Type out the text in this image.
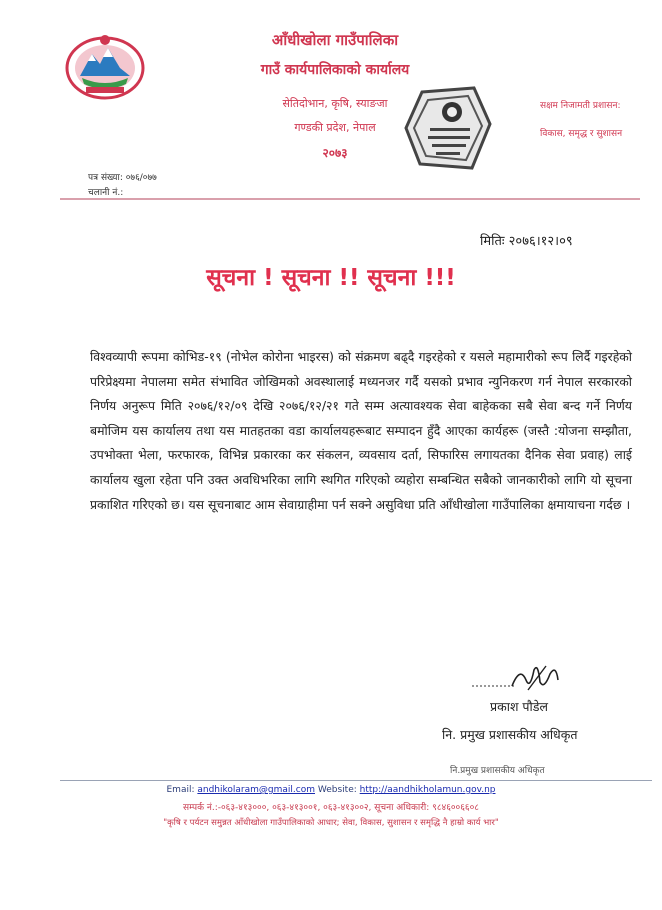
आँधीखोला गाउँपालिका
गाउँ कार्यपालिकाको कार्यालय
सेतिदोभान, कृषि, स्याङजा
गण्डकी प्रदेश, नेपाल
२०७३
सक्षम निजामती प्रशासन:
विकास, समृद्ध र सुशासन
पत्र संख्या: ०७६/०७७
चलानी नं.:
मितिः २०७६।१२।०९
सूचना ! सूचना !! सूचना !!!
विश्वव्यापी रूपमा कोभिड-१९ (नोभेल कोरोना भाइरस) को संक्रमण बढ्दै गइरहेको र यसले महामारीको रूप लिर्दै गइरहेको परिप्रेक्ष्यमा नेपालमा समेत संभावित जोखिमको अवस्थालाई मध्यनजर गर्दै यसको प्रभाव न्युनिकरण गर्न नेपाल सरकारको निर्णय अनुरूप मिति २०७६/१२/०९ देखि २०७६/१२/२१ गते सम्म अत्यावश्यक सेवा बाहेकका सबै सेवा बन्द गर्ने निर्णय बमोजिम यस कार्यालय तथा यस मातहतका वडा कार्यालयहरूबाट सम्पादन हुँदै आएका कार्यहरू (जस्तै :योजना सम्झौता, उपभोक्ता भेला, फरफारक, विभिन्न प्रकारका कर संकलन, व्यवसाय दर्ता, सिफारिस लगायतका दैनिक सेवा प्रवाह) लाई कार्यालय खुला रहेता पनि उक्त अवधिभरिका लागि स्थगित गरिएको व्यहोरा सम्बन्धित सबैको जानकारीको लागि यो सूचना प्रकाशित गरिएको छ। यस सूचनाबाट आम सेवाग्राहीमा पर्न सक्ने असुविधा प्रति आँधीखोला गाउँपालिका क्षमायाचना गर्दछ ।
प्रकाश पौडेल
नि. प्रमुख प्रशासकीय अधिकृत
नि.प्रमुख प्रशासकीय अधिकृत
Email: andhikolaram@gmail.com Website: http://aandhikholamun.gov.np
सम्पर्क नं.:-०६३-४१३०००, ०६३-४१३००१, ०६३-४१३००२, सूचना अधिकारी: ९८४६००६६०८
"कृषि र पर्यटन समुन्नत आँधीखोला गाउँपालिकाको आधार; सेवा, विकास, सुशासन र समृद्धि नै हाम्रो कार्य भार"
